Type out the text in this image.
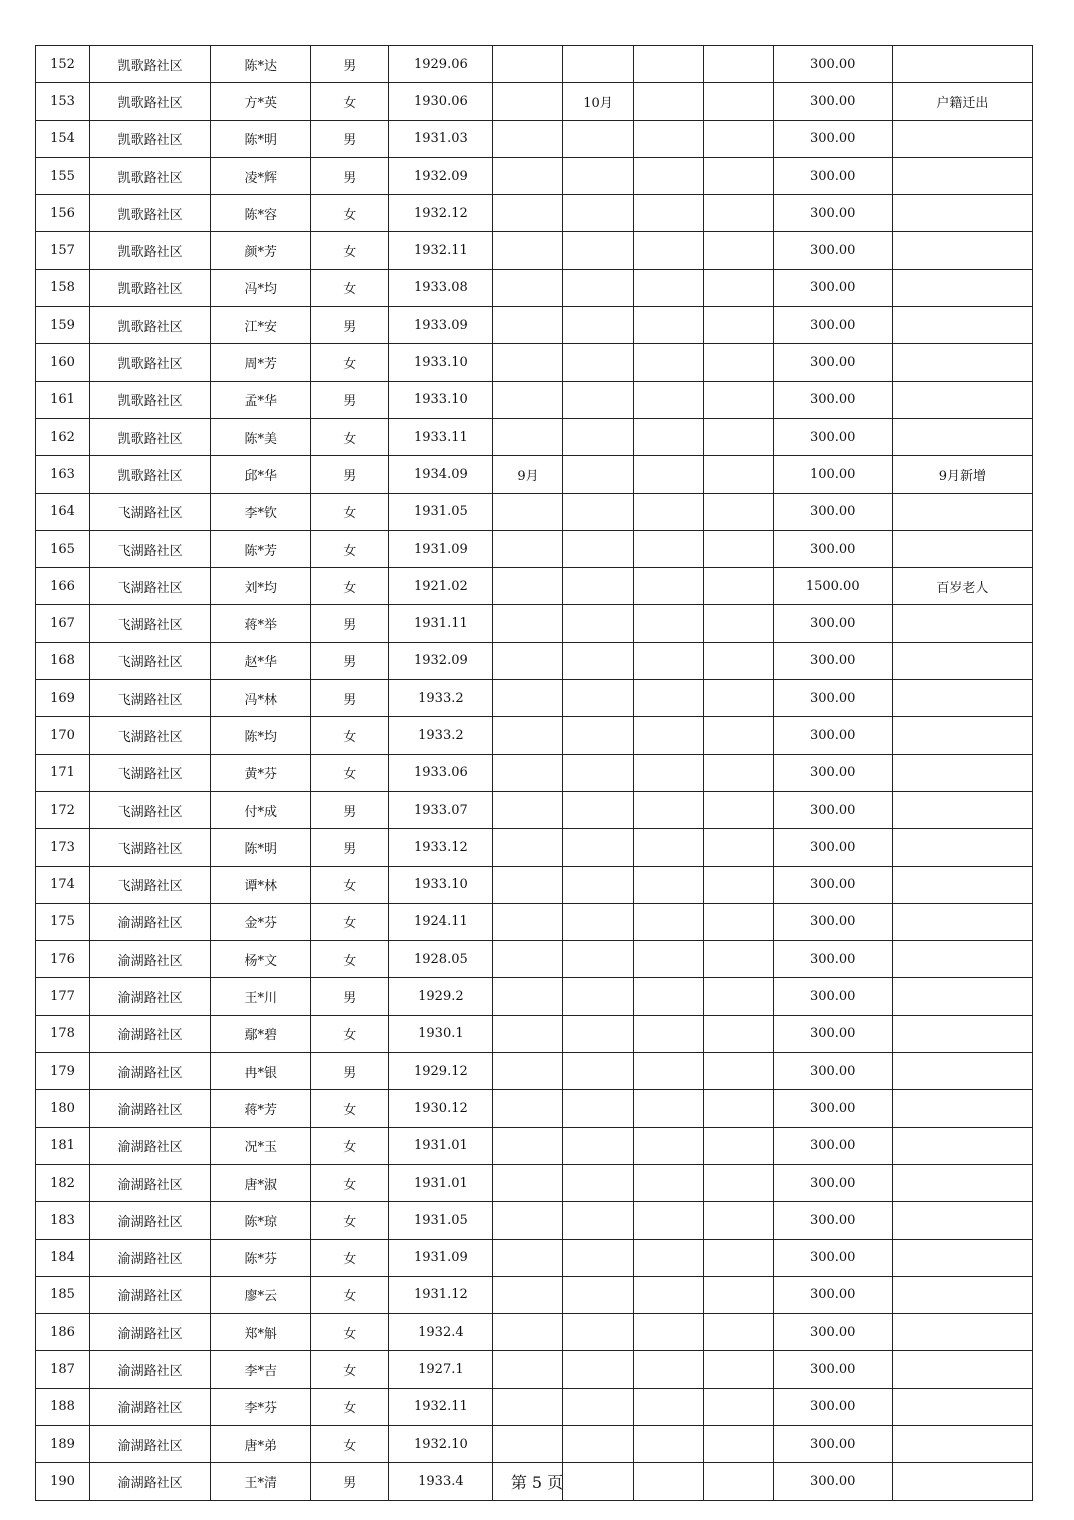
152	凯歌路社区	陈*达	男	1929.06					300.00	
153	凯歌路社区	方*英	女	1930.06		10月			300.00	户籍迁出
154	凯歌路社区	陈*明	男	1931.03					300.00	
155	凯歌路社区	凌*辉	男	1932.09					300.00	
156	凯歌路社区	陈*容	女	1932.12					300.00	
157	凯歌路社区	颜*芳	女	1932.11					300.00	
158	凯歌路社区	冯*均	女	1933.08					300.00	
159	凯歌路社区	江*安	男	1933.09					300.00	
160	凯歌路社区	周*芳	女	1933.10					300.00	
161	凯歌路社区	孟*华	男	1933.10					300.00	
162	凯歌路社区	陈*美	女	1933.11					300.00	
163	凯歌路社区	邱*华	男	1934.09	9月				100.00	9月新增
164	飞湖路社区	李*钦	女	1931.05					300.00	
165	飞湖路社区	陈*芳	女	1931.09					300.00	
166	飞湖路社区	刘*均	女	1921.02					1500.00	百岁老人
167	飞湖路社区	蒋*举	男	1931.11					300.00	
168	飞湖路社区	赵*华	男	1932.09					300.00	
169	飞湖路社区	冯*林	男	1933.2					300.00	
170	飞湖路社区	陈*均	女	1933.2					300.00	
171	飞湖路社区	黄*芬	女	1933.06					300.00	
172	飞湖路社区	付*成	男	1933.07					300.00	
173	飞湖路社区	陈*明	男	1933.12					300.00	
174	飞湖路社区	谭*林	女	1933.10					300.00	
175	渝湖路社区	金*芬	女	1924.11					300.00	
176	渝湖路社区	杨*文	女	1928.05					300.00	
177	渝湖路社区	王*川	男	1929.2					300.00	
178	渝湖路社区	鄢*碧	女	1930.1					300.00	
179	渝湖路社区	冉*银	男	1929.12					300.00	
180	渝湖路社区	蒋*芳	女	1930.12					300.00	
181	渝湖路社区	况*玉	女	1931.01					300.00	
182	渝湖路社区	唐*淑	女	1931.01					300.00	
183	渝湖路社区	陈*琼	女	1931.05					300.00	
184	渝湖路社区	陈*芬	女	1931.09					300.00	
185	渝湖路社区	廖*云	女	1931.12					300.00	
186	渝湖路社区	郑*斛	女	1932.4					300.00	
187	渝湖路社区	李*吉	女	1927.1					300.00	
188	渝湖路社区	李*芬	女	1932.11					300.00	
189	渝湖路社区	唐*弟	女	1932.10					300.00	
190	渝湖路社区	王*清	男	1933.4					300.00	
第 5 页
